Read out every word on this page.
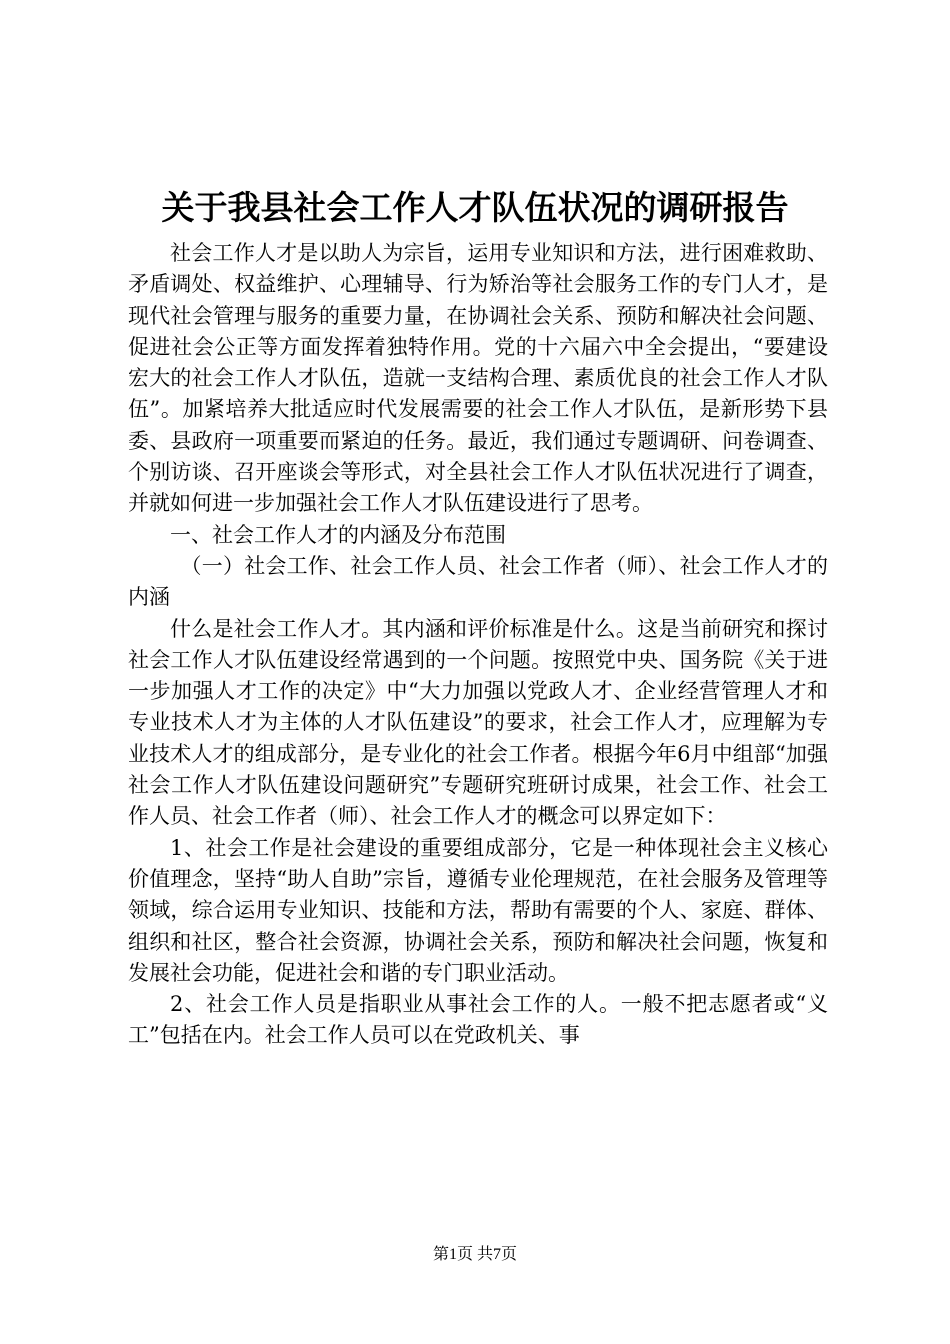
关于我县社会工作人才队伍状况的调研报告

社会工作人才是以助人为宗旨，运用专业知识和方法，进行困难救助、矛盾调处、权益维护、心理辅导、行为矫治等社会服务工作的专门人才，是现代社会管理与服务的重要力量，在协调社会关系、预防和解决社会问题、促进社会公正等方面发挥着独特作用。党的十六届六中全会提出，“要建设宏大的社会工作人才队伍，造就一支结构合理、素质优良的社会工作人才队伍”。加紧培养大批适应时代发展需要的社会工作人才队伍，是新形势下县委、县政府一项重要而紧迫的任务。最近，我们通过专题调研、问卷调查、个别访谈、召开座谈会等形式，对全县社会工作人才队伍状况进行了调查，并就如何进一步加强社会工作人才队伍建设进行了思考。

一、社会工作人才的内涵及分布范围

（一）社会工作、社会工作人员、社会工作者（师）、社会工作人才的内涵

什么是社会工作人才。其内涵和评价标准是什么。这是当前研究和探讨社会工作人才队伍建设经常遇到的一个问题。按照党中央、国务院《关于进一步加强人才工作的决定》中“大力加强以党政人才、企业经营管理人才和专业技术人才为主体的人才队伍建设”的要求，社会工作人才，应理解为专业技术人才的组成部分，是专业化的社会工作者。根据今年6月中组部“加强社会工作人才队伍建设问题研究”专题研究班研讨成果，社会工作、社会工作人员、社会工作者（师）、社会工作人才的概念可以界定如下：

1、社会工作是社会建设的重要组成部分，它是一种体现社会主义核心价值理念，坚持“助人自助”宗旨，遵循专业伦理规范，在社会服务及管理等领域，综合运用专业知识、技能和方法，帮助有需要的个人、家庭、群体、组织和社区，整合社会资源，协调社会关系，预防和解决社会问题，恢复和发展社会功能，促进社会和谐的专门职业活动。

2、社会工作人员是指职业从事社会工作的人。一般不把志愿者或“义工”包括在内。社会工作人员可以在党政机关、事

第1页 共7页
